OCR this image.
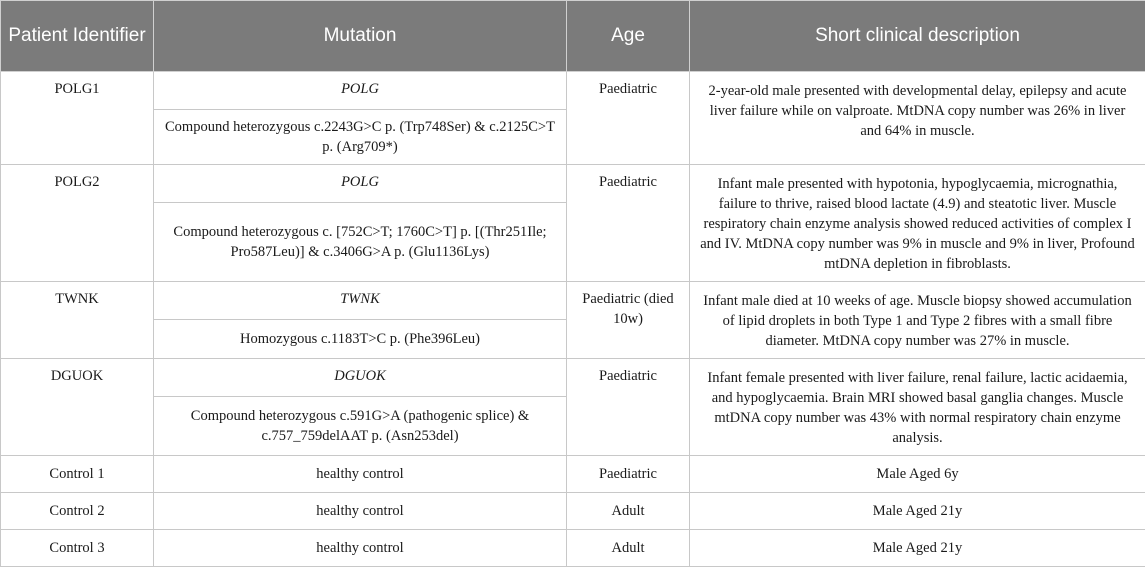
Patient Identifier	Mutation	Age	Short clinical description
POLG1	POLG	Paediatric	2-year-old male presented with developmental delay, epilepsy and acute liver failure while on valproate. MtDNA copy number was 26% in liver and 64% in muscle.
	Compound heterozygous c.2243G>C p. (Trp748Ser) & c.2125C>T p. (Arg709*)		
POLG2	POLG	Paediatric	Infant male presented with hypotonia, hypoglycaemia, micrognathia, failure to thrive, raised blood lactate (4.9) and steatotic liver. Muscle respiratory chain enzyme analysis showed reduced activities of complex I and IV. MtDNA copy number was 9% in muscle and 9% in liver, Profound mtDNA depletion in fibroblasts.
	Compound heterozygous c. [752C>T; 1760C>T] p. [(Thr251Ile; Pro587Leu)] & c.3406G>A p. (Glu1136Lys)		
TWNK	TWNK	Paediatric (died 10w)	Infant male died at 10 weeks of age. Muscle biopsy showed accumulation of lipid droplets in both Type 1 and Type 2 fibres with a small fibre diameter. MtDNA copy number was 27% in muscle.
	Homozygous c.1183T>C p. (Phe396Leu)		
DGUOK	DGUOK	Paediatric	Infant female presented with liver failure, renal failure, lactic acidaemia, and hypoglycaemia. Brain MRI showed basal ganglia changes. Muscle mtDNA copy number was 43% with normal respiratory chain enzyme analysis.
	Compound heterozygous c.591G>A (pathogenic splice) & c.757_759delAAT p. (Asn253del)		
Control 1	healthy control	Paediatric	Male Aged 6y
Control 2	healthy control	Adult	Male Aged 21y
Control 3	healthy control	Adult	Male Aged 21y
